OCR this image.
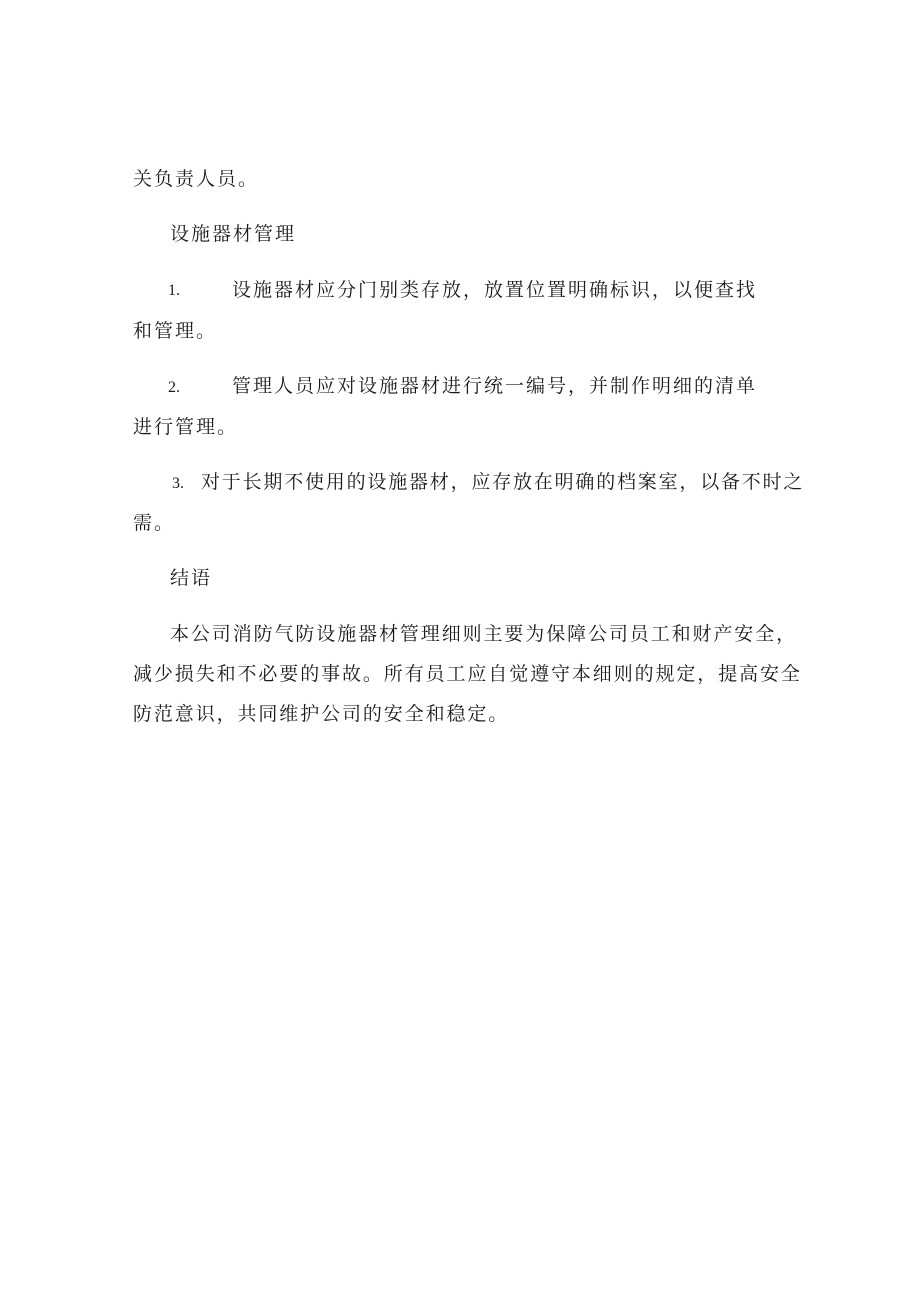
关负责人员。
设施器材管理
1.	设施器材应分门别类存放，放置位置明确标识，以便查找
和管理。
2.	管理人员应对设施器材进行统一编号，并制作明细的清单
进行管理。
3. 对于长期不使用的设施器材，应存放在明确的档案室，以备不时之
需。
结语
本公司消防气防设施器材管理细则主要为保障公司员工和财产安全，
减少损失和不必要的事故。所有员工应自觉遵守本细则的规定，提高安全
防范意识，共同维护公司的安全和稳定。
